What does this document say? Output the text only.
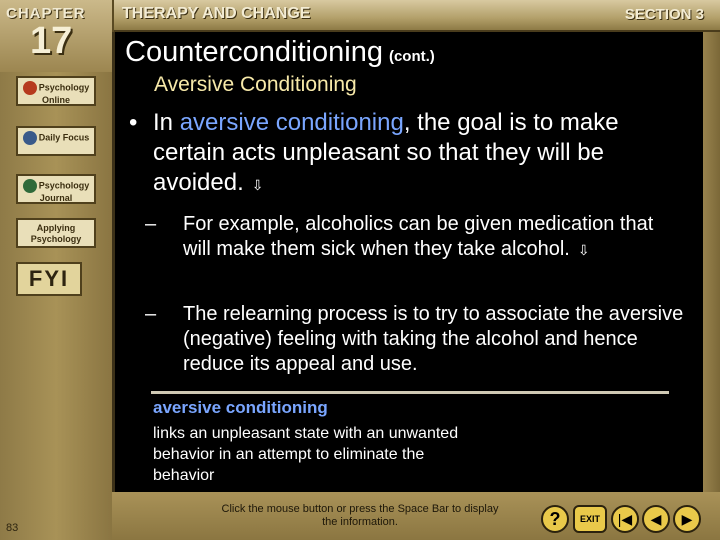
THERAPY AND CHANGE	SECTION 3
CHAPTER
17
Psychology Online
Daily Focus
Psychology Journal
Applying Psychology
FYI
Counterconditioning (cont.)
Aversive Conditioning
• In aversive conditioning, the goal is to make certain acts unpleasant so that they will be avoided. ⇩
– For example, alcoholics can be given medication that will make them sick when they take alcohol. ⇩
– The relearning process is to try to associate the aversive (negative) feeling with taking the alcohol and hence reduce its appeal and use.
aversive conditioning
links an unpleasant state with an unwanted behavior in an attempt to eliminate the behavior
83
Click the mouse button or press the Space Bar to display the information.	?	EXIT	|◀	◀	▶
